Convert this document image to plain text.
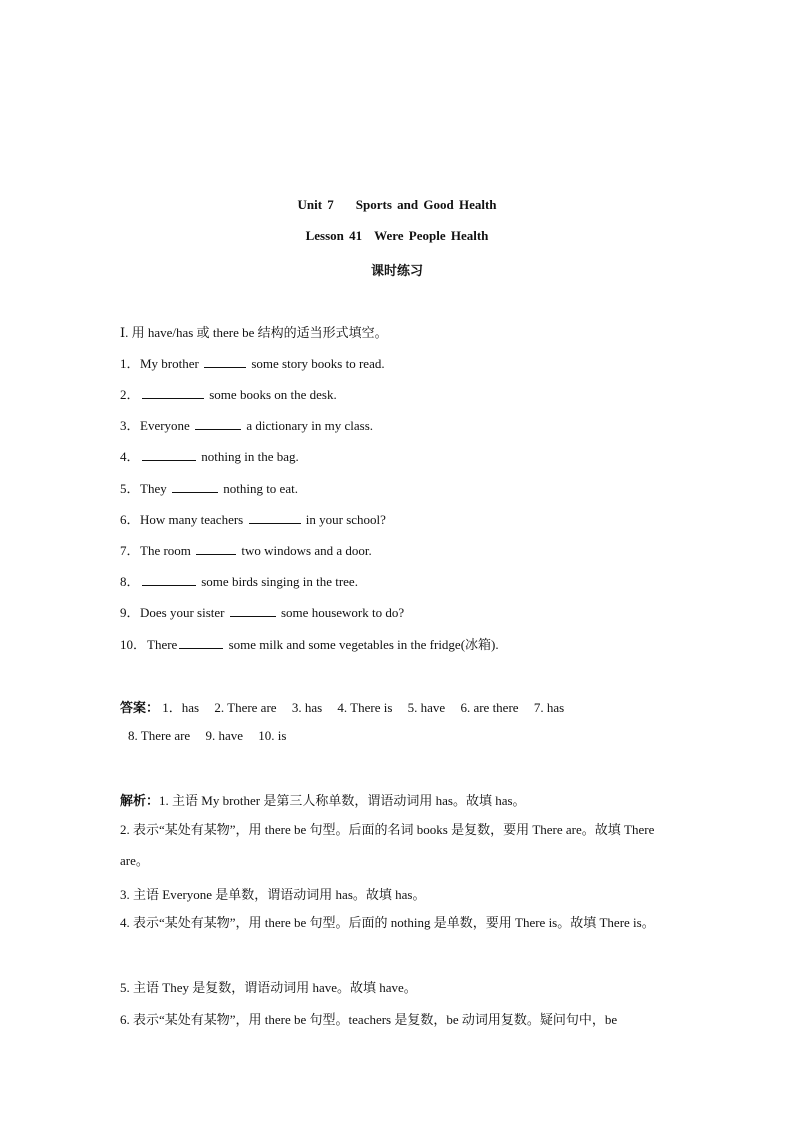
Unit 7 Sports and Good Health

Lesson 41 Were People Health

课时练习

Ⅰ. 用 have/has 或 there be 结构的适当形式填空。

1．My brother	some story books to read.

2．	some books on the desk.

3．Everyone	a dictionary in my class.

4．	nothing in the bag.

5．They	nothing to eat.

6．How many teachers	in your school?

7．The room	two windows and a door.

8．	some birds singing in the tree.

9．Does your sister	some housework to do?

10．There	some milk and some vegetables in the fridge(冰箱).

答案： 1．has 2. There are 3. has 4. There is 5. have 6. are there 7. has

8. There are 9. have 10. is

解析：1. 主语 My brother 是第三人称单数，谓语动词用 has。故填 has。

2. 表示“某处有某物”，用 there be 句型。后面的名词 books 是复数，要用 There are。故填 There are。

3. 主语 Everyone 是单数，谓语动词用 has。故填 has。

4. 表示“某处有某物”，用 there be 句型。后面的 nothing 是单数，要用 There is。故填 There is。

5. 主语 They 是复数，谓语动词用 have。故填 have。

6. 表示“某处有某物”，用 there be 句型。teachers 是复数，be 动词用复数。疑问句中，be
